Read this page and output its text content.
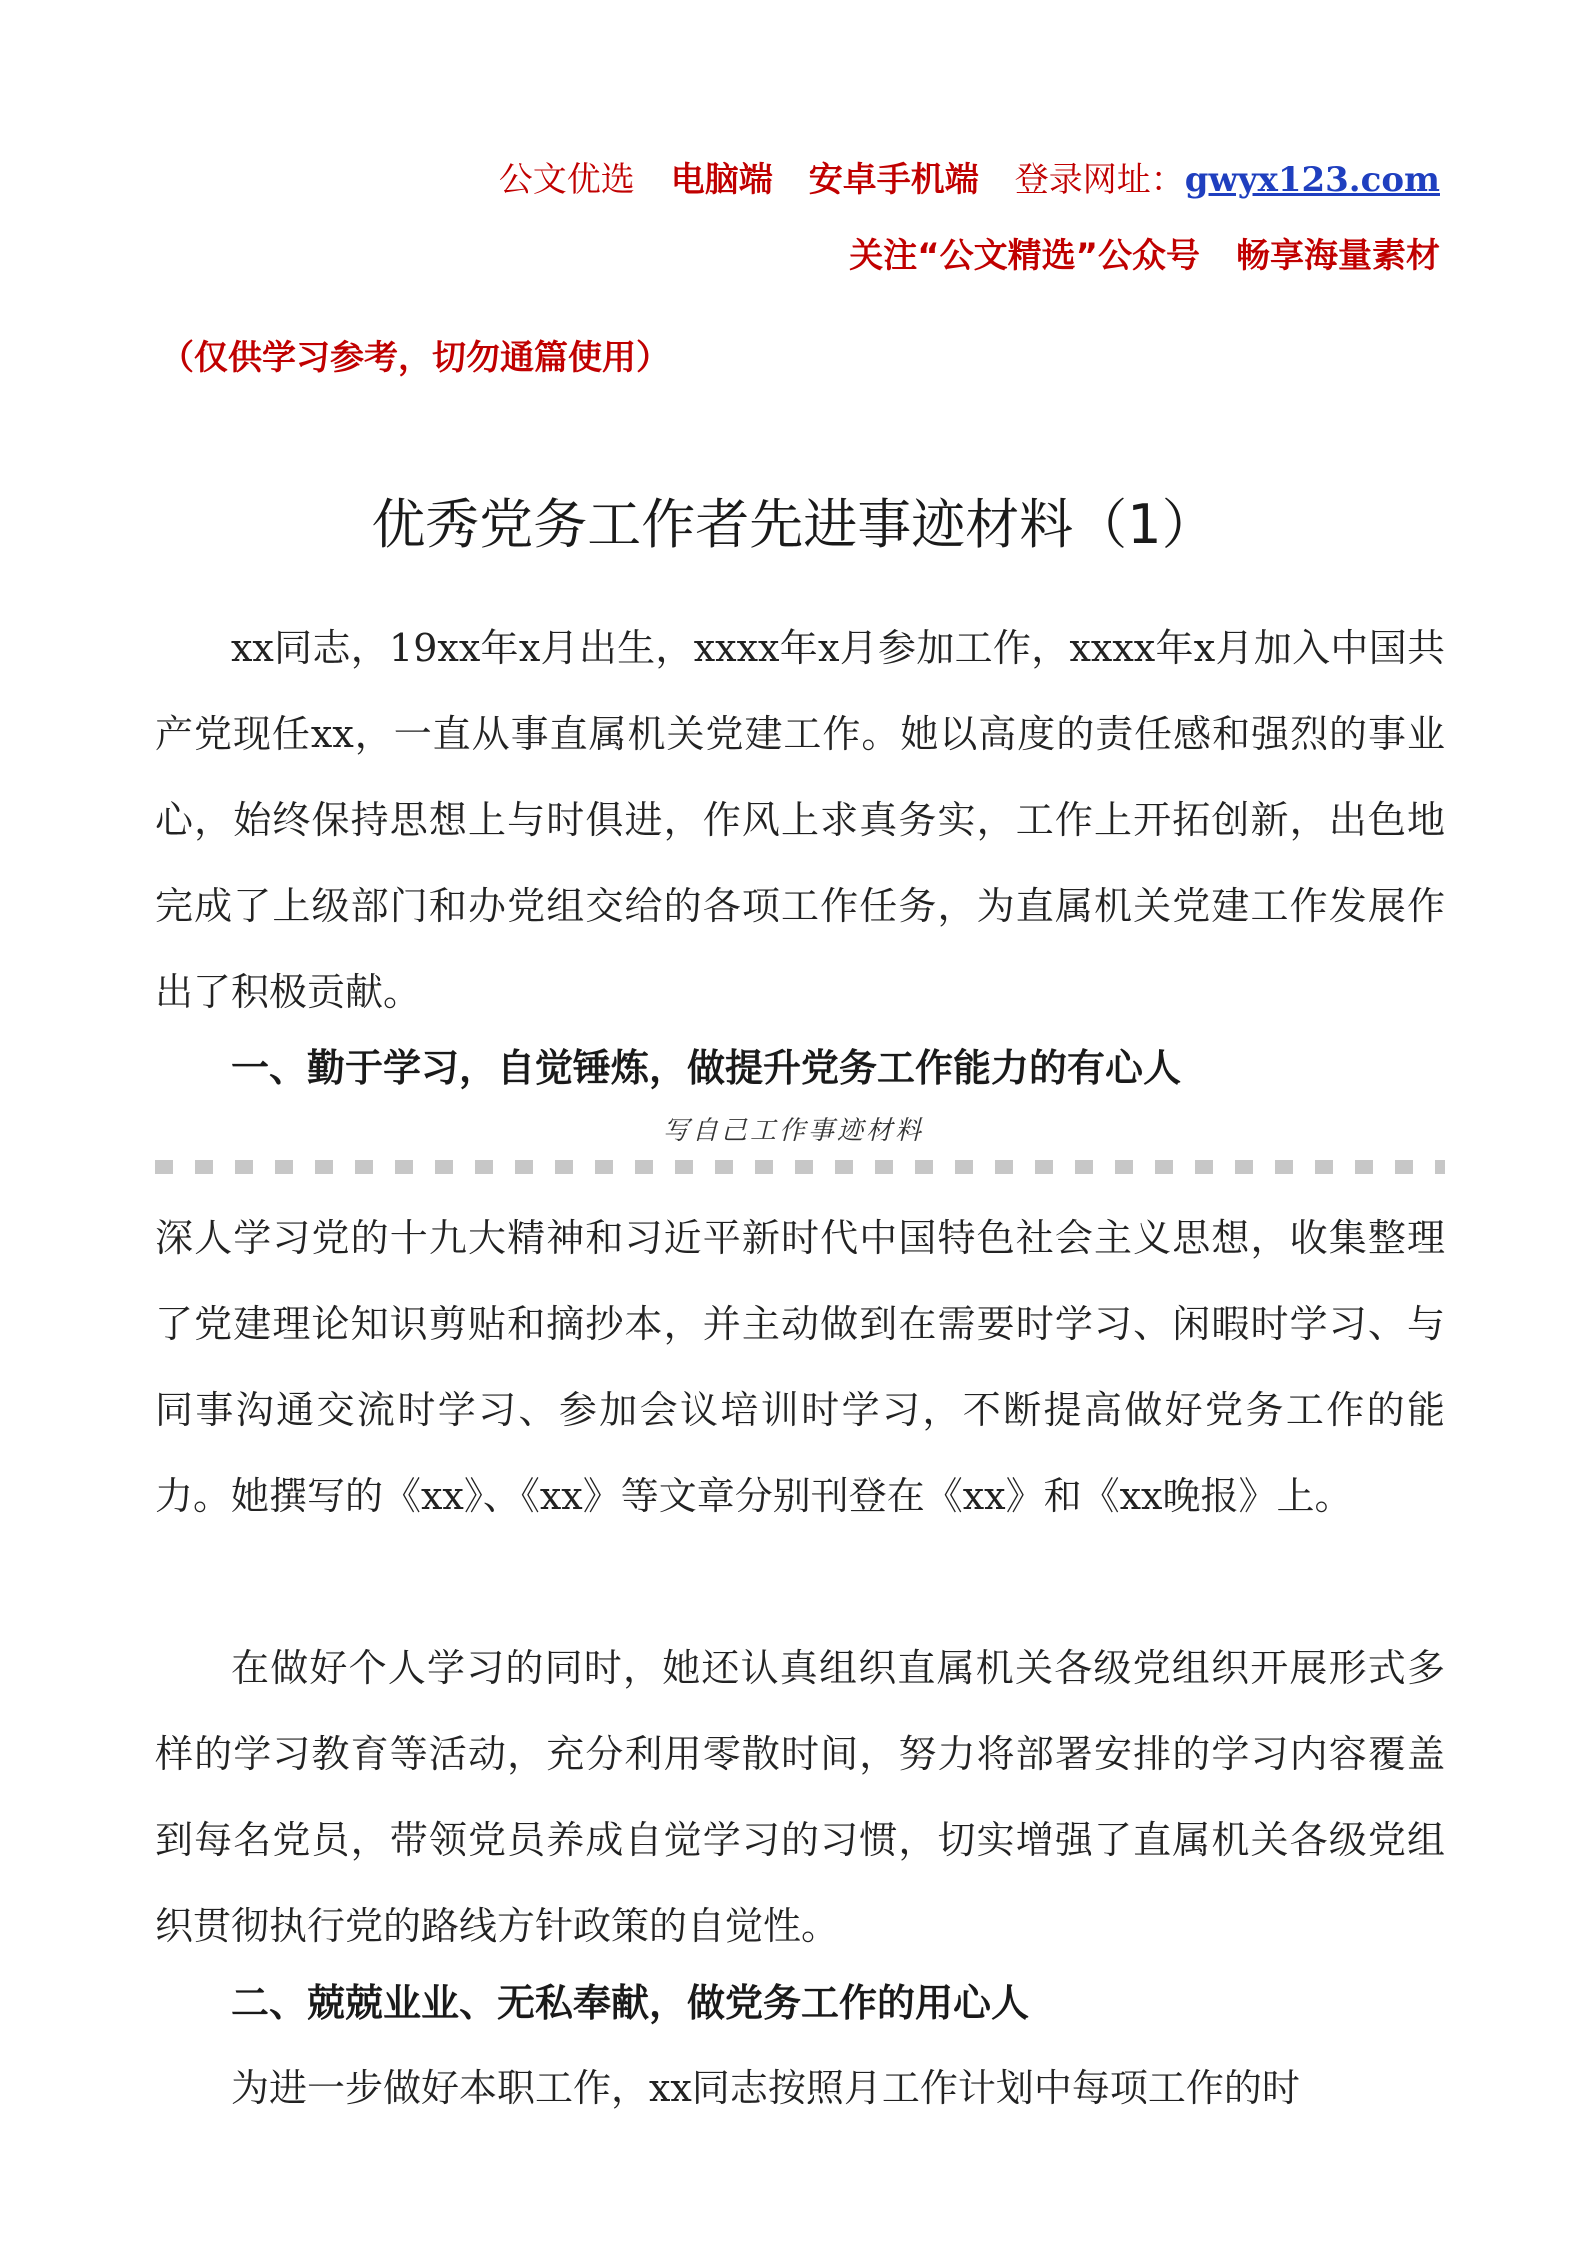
公文优选 电脑端 安卓手机端 登录网址：gwyx123.com
关注“公文精选”公众号 畅享海量素材
（仅供学习参考，切勿通篇使用）
优秀党务工作者先进事迹材料（1）

xx同志，19xx年x月出生，xxxx年x月参加工作，xxxx年x月加入中国共产党现任xx，一直从事直属机关党建工作。她以高度的责任感和强烈的事业心，始终保持思想上与时俱进，作风上求真务实，工作上开拓创新，出色地完成了上级部门和办党组交给的各项工作任务，为直属机关党建工作发展作出了积极贡献。

一、勤于学习，自觉锤炼，做提升党务工作能力的有心人
写自己工作事迹材料

深人学习党的十九大精神和习近平新时代中国特色社会主义思想，收集整理了党建理论知识剪贴和摘抄本，并主动做到在需要时学习、闲暇时学习、与同事沟通交流时学习、参加会议培训时学习，不断提高做好党务工作的能力。她撰写的《xx》、《xx》等文章分别刊登在《xx》和《xx晚报》上。

在做好个人学习的同时，她还认真组织直属机关各级党组织开展形式多样的学习教育等活动，充分利用零散时间，努力将部署安排的学习内容覆盖到每名党员，带领党员养成自觉学习的习惯，切实增强了直属机关各级党组织贯彻执行党的路线方针政策的自觉性。

二、兢兢业业、无私奉献，做党务工作的用心人

为进一步做好本职工作，xx同志按照月工作计划中每项工作的时
